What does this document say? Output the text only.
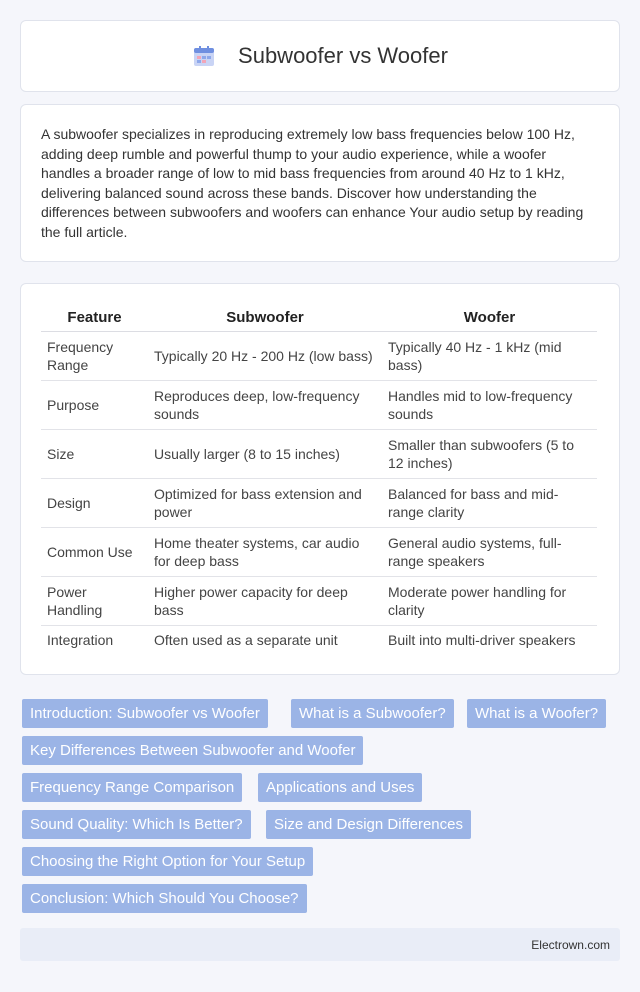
Subwoofer vs Woofer

A subwoofer specializes in reproducing extremely low bass frequencies below 100 Hz, adding deep rumble and powerful thump to your audio experience, while a woofer handles a broader range of low to mid bass frequencies from around 40 Hz to 1 kHz, delivering balanced sound across these bands. Discover how understanding the differences between subwoofers and woofers can enhance Your audio setup by reading the full article.

Feature	Subwoofer	Woofer
Frequency Range	Typically 20 Hz - 200 Hz (low bass)	Typically 40 Hz - 1 kHz (mid bass)
Purpose	Reproduces deep, low-frequency sounds	Handles mid to low-frequency sounds
Size	Usually larger (8 to 15 inches)	Smaller than subwoofers (5 to 12 inches)
Design	Optimized for bass extension and power	Balanced for bass and mid-range clarity
Common Use	Home theater systems, car audio for deep bass	General audio systems, full-range speakers
Power Handling	Higher power capacity for deep bass	Moderate power handling for clarity
Integration	Often used as a separate unit	Built into multi-driver speakers
Introduction: Subwoofer vs Woofer	What is a Subwoofer?	What is a Woofer?
Key Differences Between Subwoofer and Woofer
Frequency Range Comparison	Applications and Uses
Sound Quality: Which Is Better?	Size and Design Differences
Choosing the Right Option for Your Setup
Conclusion: Which Should You Choose?
Electrown.com
